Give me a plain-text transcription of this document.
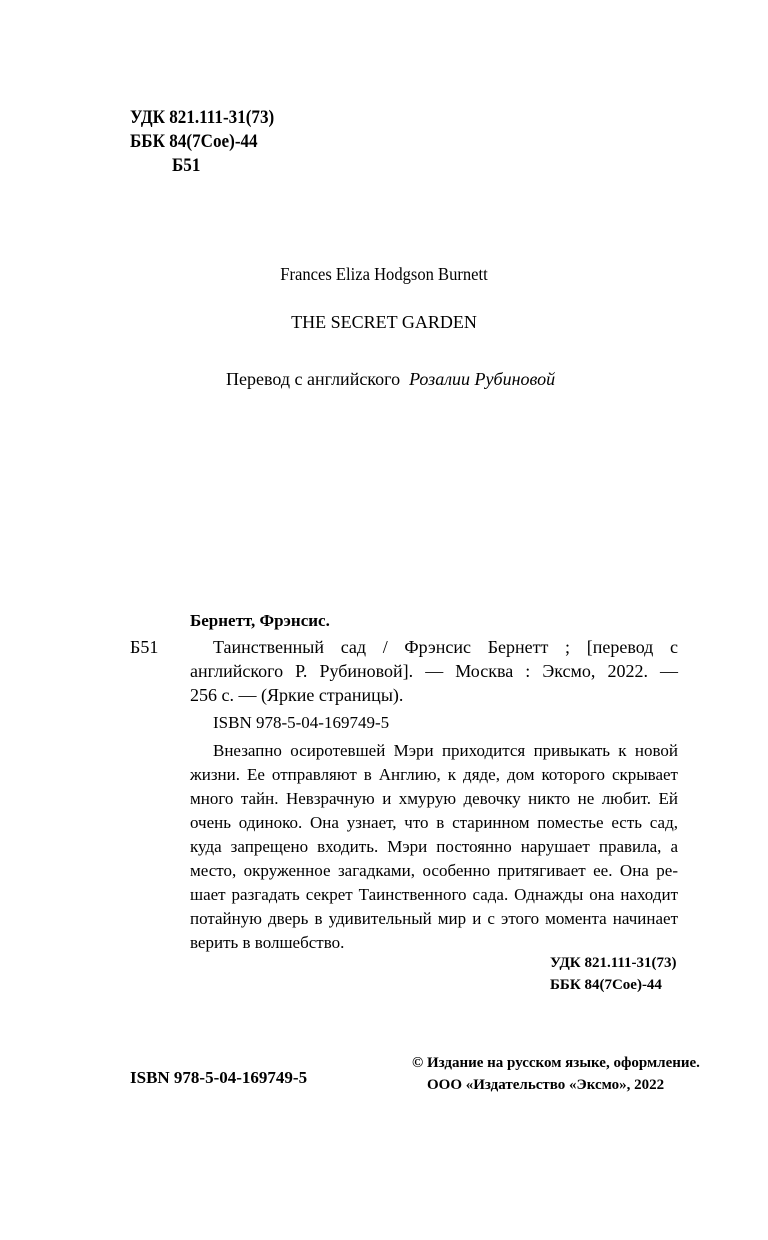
УДК 821.111-31(73)
ББК 84(7Сое)-44
Б51
Frances Eliza Hodgson Burnett
THE SECRET GARDEN
Перевод с английского Розалии Рубиновой
Бернетт, Фрэнсис.
Б51	Таинственный сад / Фрэнсис Бернетт ; [перевод с
английского Р. Рубиновой]. — Москва : Эксмо, 2022. —
256 с. — (Яркие страницы).
ISBN 978-5-04-169749-5
Внезапно осиротевшей Мэри приходится привыкать к новой
жизни. Ее отправляют в Англию, к дяде, дом которого скрывает
много тайн. Невзрачную и хмурую девочку никто не любит. Ей
очень одиноко. Она узнает, что в старинном поместье есть сад,
куда запрещено входить. Мэри постоянно нарушает правила, а
место, окруженное загадками, особенно притягивает ее. Она ре-
шает разгадать секрет Таинственного сада. Однажды она находит
потайную дверь в удивительный мир и с этого момента начинает
верить в волшебство.
УДК 821.111-31(73)
ББК 84(7Сое)-44
ISBN 978-5-04-169749-5
© Издание на русском языке, оформление.
ООО «Издательство «Эксмо», 2022
